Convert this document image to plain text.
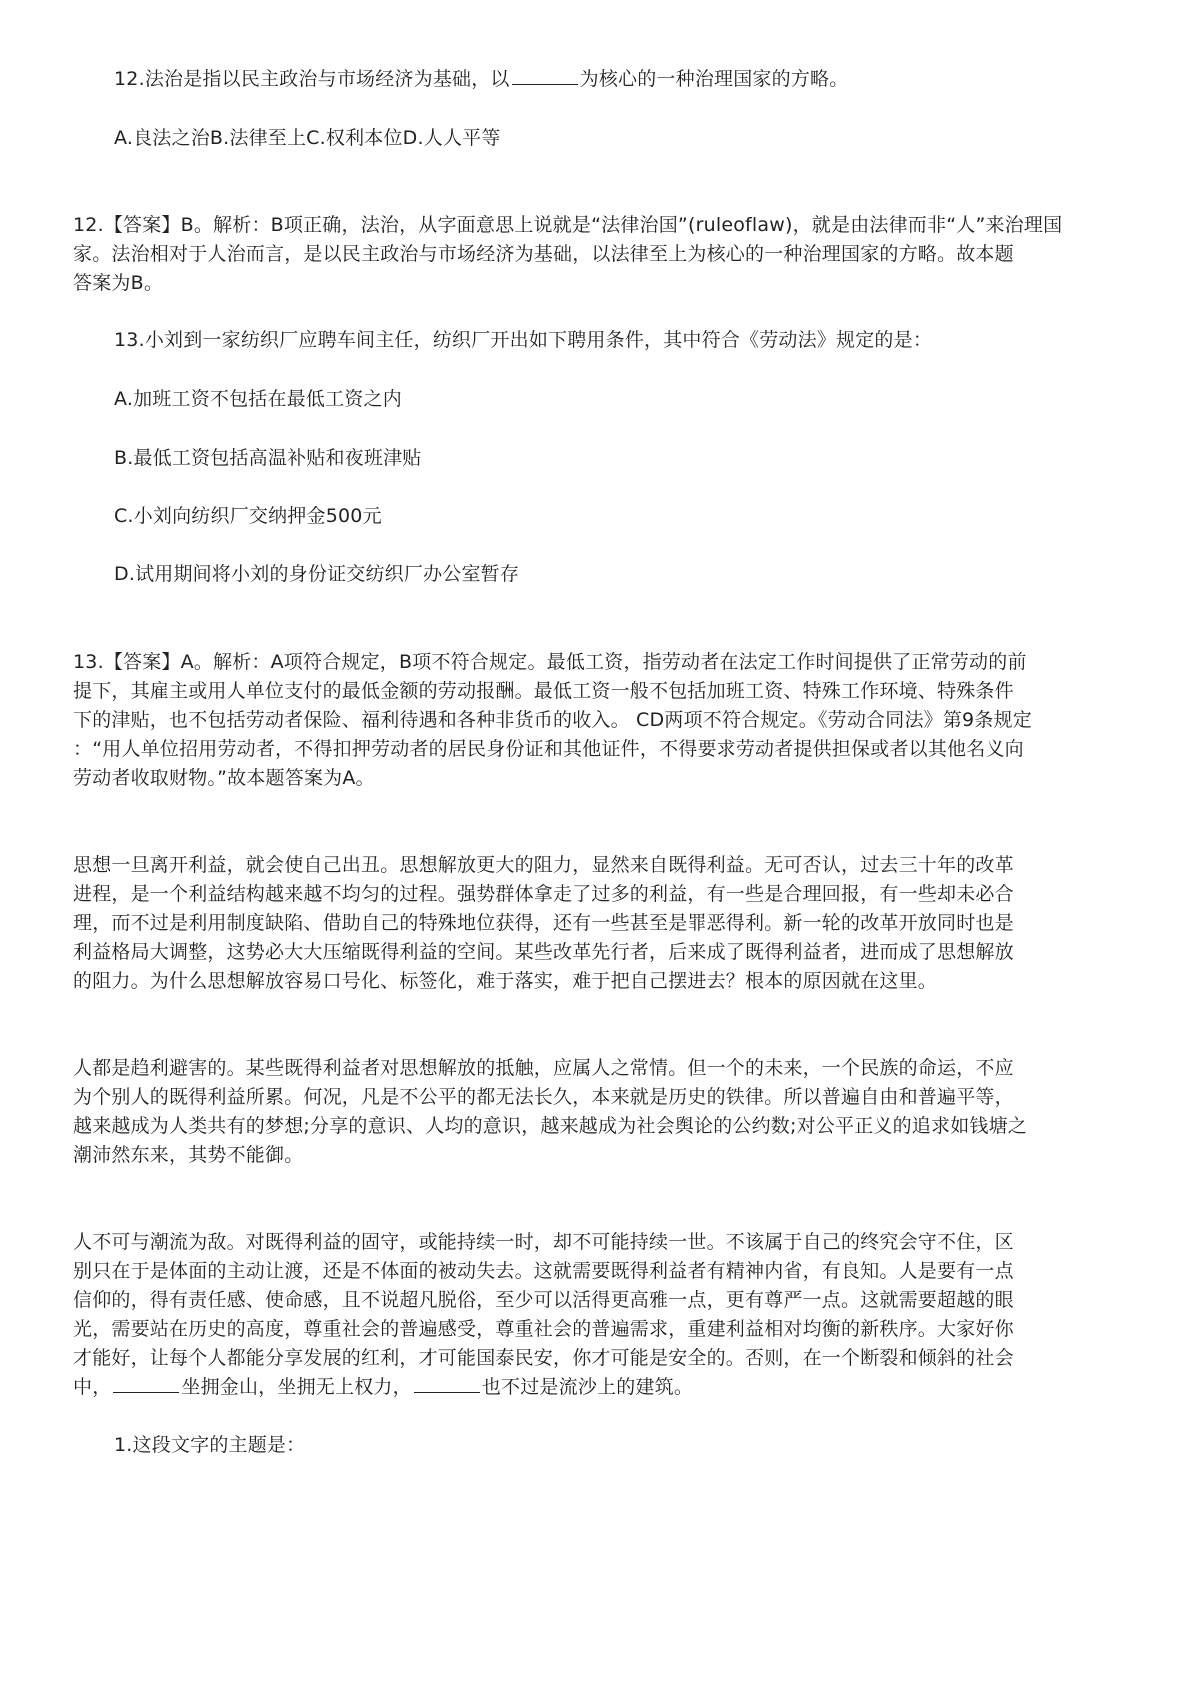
12.法治是指以民主政治与市场经济为基础，以	为核心的一种治理国家的方略。
A.良法之治B.法律至上C.权利本位D.人人平等
12.【答案】B。解析：B项正确，法治，从字面意思上说就是“法律治国”(ruleoflaw)，就是由法律而非“人”来治理国
家。法治相对于人治而言，是以民主政治与市场经济为基础，以法律至上为核心的一种治理国家的方略。故本题
答案为B。
13.小刘到一家纺织厂应聘车间主任，纺织厂开出如下聘用条件，其中符合《劳动法》规定的是：
A.加班工资不包括在最低工资之内
B.最低工资包括高温补贴和夜班津贴
C.小刘向纺织厂交纳押金500元
D.试用期间将小刘的身份证交纺织厂办公室暂存
13.【答案】A。解析：A项符合规定，B项不符合规定。最低工资，指劳动者在法定工作时间提供了正常劳动的前
提下，其雇主或用人单位支付的最低金额的劳动报酬。最低工资一般不包括加班工资、特殊工作环境、特殊条件
下的津贴，也不包括劳动者保险、福利待遇和各种非货币的收入。 CD两项不符合规定。《劳动合同法》第9条规定
：“用人单位招用劳动者，不得扣押劳动者的居民身份证和其他证件，不得要求劳动者提供担保或者以其他名义向
劳动者收取财物。”故本题答案为A。
思想一旦离开利益，就会使自己出丑。思想解放更大的阻力，显然来自既得利益。无可否认，过去三十年的改革
进程，是一个利益结构越来越不均匀的过程。强势群体拿走了过多的利益，有一些是合理回报，有一些却未必合
理，而不过是利用制度缺陷、借助自己的特殊地位获得，还有一些甚至是罪恶得利。新一轮的改革开放同时也是
利益格局大调整，这势必大大压缩既得利益的空间。某些改革先行者，后来成了既得利益者，进而成了思想解放
的阻力。为什么思想解放容易口号化、标签化，难于落实，难于把自己摆进去？根本的原因就在这里。
人都是趋利避害的。某些既得利益者对思想解放的抵触，应属人之常情。但一个的未来，一个民族的命运，不应
为个别人的既得利益所累。何况，凡是不公平的都无法长久，本来就是历史的铁律。所以普遍自由和普遍平等，
越来越成为人类共有的梦想;分享的意识、人均的意识，越来越成为社会舆论的公约数;对公平正义的追求如钱塘之
潮沛然东来，其势不能御。
人不可与潮流为敌。对既得利益的固守，或能持续一时，却不可能持续一世。不该属于自己的终究会守不住，区
别只在于是体面的主动让渡，还是不体面的被动失去。这就需要既得利益者有精神内省，有良知。人是要有一点
信仰的，得有责任感、使命感，且不说超凡脱俗，至少可以活得更高雅一点，更有尊严一点。这就需要超越的眼
光，需要站在历史的高度，尊重社会的普遍感受，尊重社会的普遍需求，重建利益相对均衡的新秩序。大家好你
才能好，让每个人都能分享发展的红利，才可能国泰民安，你才可能是安全的。否则，在一个断裂和倾斜的社会
中，	坐拥金山，坐拥无上权力，	也不过是流沙上的建筑。
1.这段文字的主题是：
